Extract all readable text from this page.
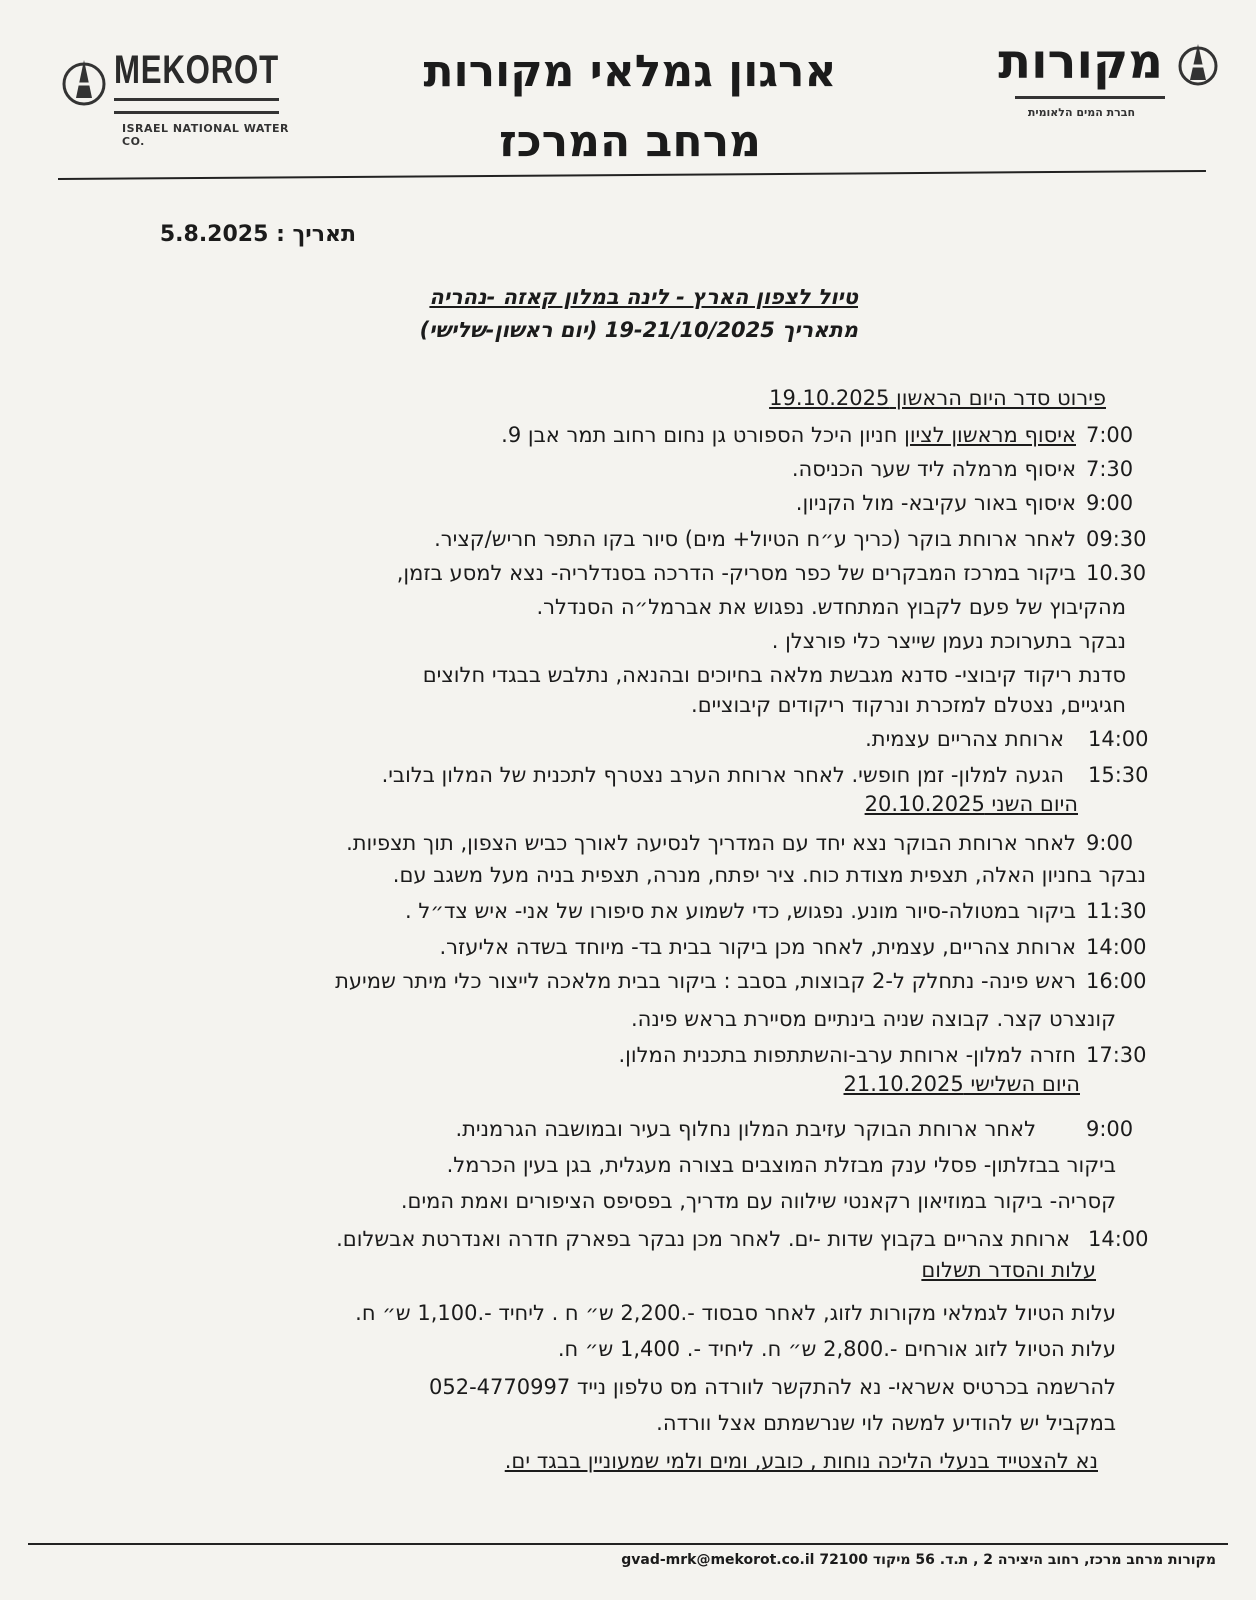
MEKOROT
ISRAEL NATIONAL WATER CO.
מקורות
חברת המים הלאומית
ארגון גמלאי מקורות
מרחב המרכז
תאריך : 5.8.2025
טיול לצפון הארץ - לינה במלון קאזה -נהריה
מתאריך 19-21/10/2025 (יום ראשון-שלישי)
פירוט סדר היום הראשון 19.10.2025
7:00
איסוף מראשון לציון חניון היכל הספורט גן נחום רחוב תמר אבן 9.
7:30
איסוף מרמלה ליד שער הכניסה.
9:00
איסוף באור עקיבא- מול הקניון.
09:30
לאחר ארוחת בוקר (כריך ע״ח הטיול+ מים) סיור בקו התפר חריש/קציר.
10.30
ביקור במרכז המבקרים של כפר מסריק- הדרכה בסנדלריה- נצא למסע בזמן,
מהקיבוץ של פעם לקבוץ המתחדש. נפגוש את אברמל״ה הסנדלר.
נבקר בתערוכת נעמן שייצר כלי פורצלן .
סדנת ריקוד קיבוצי- סדנא מגבשת מלאה בחיוכים ובהנאה, נתלבש בבגדי חלוצים
חגיגיים, נצטלם למזכרת ונרקוד ריקודים קיבוציים.
14:00
ארוחת צהריים עצמית.
15:30
הגעה למלון- זמן חופשי. לאחר ארוחת הערב נצטרף לתכנית של המלון בלובי.
היום השני 20.10.2025
9:00
לאחר ארוחת הבוקר נצא יחד עם המדריך לנסיעה לאורך כביש הצפון, תוך תצפיות.
נבקר בחניון האלה, תצפית מצודת כוח. ציר יפתח, מנרה, תצפית בניה מעל משגב עם.
11:30
ביקור במטולה-סיור מונע. נפגוש, כדי לשמוע את סיפורו של אני- איש צד״ל .
14:00
ארוחת צהריים, עצמית, לאחר מכן ביקור בבית בד- מיוחד בשדה אליעזר.
16:00
ראש פינה- נתחלק ל-2 קבוצות, בסבב : ביקור בבית מלאכה לייצור כלי מיתר שמיעת
קונצרט קצר. קבוצה שניה בינתיים מסיירת בראש פינה.
17:30
חזרה למלון- ארוחת ערב-והשתתפות בתכנית המלון.
היום השלישי 21.10.2025
9:00
לאחר ארוחת הבוקר עזיבת המלון נחלוף בעיר ובמושבה הגרמנית.
ביקור בבזלתון- פסלי ענק מבזלת המוצבים בצורה מעגלית, בגן בעין הכרמל.
קסריה- ביקור במוזיאון רקאנטי שילווה עם מדריך, בפסיפס הציפורים ואמת המים.
14:00
ארוחת צהריים בקבוץ שדות -ים. לאחר מכן נבקר בפארק חדרה ואנדרטת אבשלום.
עלות והסדר תשלום
עלות הטיול לגמלאי מקורות לזוג, לאחר סבסוד -.2,200 ש״ ח . ליחיד -.1,100 ש״ ח.
עלות הטיול לזוג אורחים -.2,800 ש״ ח. ליחיד -. 1,400 ש״ ח.
להרשמה בכרטיס אשראי- נא להתקשר לוורדה מס טלפון נייד 052-4770997
במקביל יש להודיע למשה לוי שנרשמתם אצל וורדה.
נא להצטייד בנעלי הליכה נוחות , כובע, ומים ולמי שמעוניין בבגד ים.
מקורות מרחב מרכז, רחוב היצירה 2 , ת.ד. 56 מיקוד 72100 gvad-mrk@mekorot.co.il
